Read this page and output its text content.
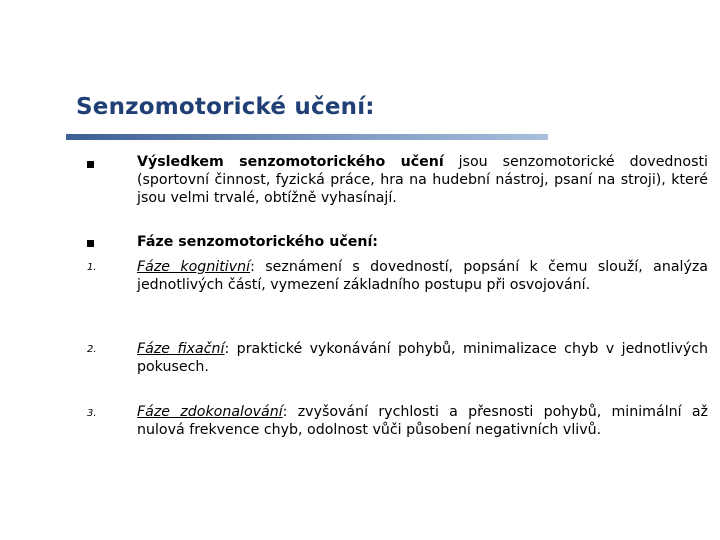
Senzomotorické učení:
Výsledkem senzomotorického učení jsou senzomotorické dovednosti (sportovní činnost, fyzická práce, hra na hudební nástroj, psaní na stroji), které jsou velmi trvalé, obtížně vyhasínají.
Fáze senzomotorického učení:
1.	Fáze kognitivní: seznámení s dovedností, popsání k čemu slouží, analýza jednotlivých částí, vymezení základního postupu při osvojování.
2.	Fáze fixační: praktické vykonávání pohybů, minimalizace chyb v jednotlivých pokusech.
3.	Fáze zdokonalování: zvyšování rychlosti a přesnosti pohybů, minimální až nulová frekvence chyb, odolnost vůči působení negativních vlivů.
